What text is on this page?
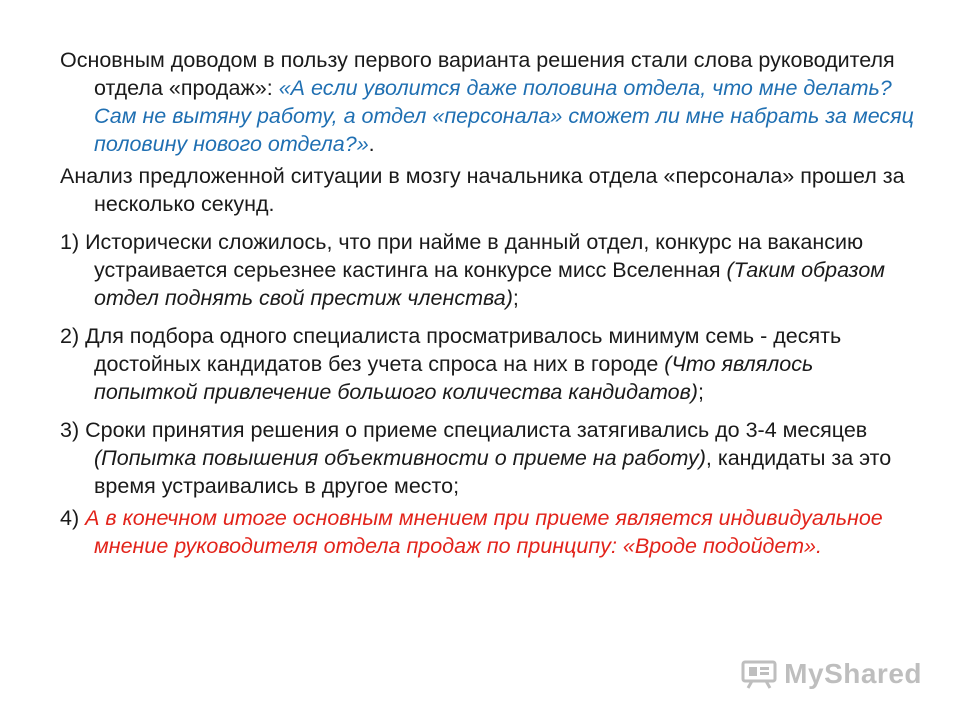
Основным доводом в пользу первого варианта решения стали слова руководителя отдела «продаж»: «А если уволится даже половина отдела, что мне делать? Сам не вытяну работу, а отдел «персонала» сможет ли мне набрать за месяц половину нового отдела?».

Анализ предложенной ситуации в мозгу начальника отдела «персонала» прошел за несколько секунд.

1) Исторически сложилось, что при найме в данный отдел, конкурс на вакансию устраивается серьезнее кастинга на конкурсе мисс Вселенная (Таким образом отдел поднять свой престиж членства);

2) Для подбора одного специалиста просматривалось минимум семь - десять достойных кандидатов без учета спроса на них в городе (Что являлось попыткой привлечение большого количества кандидатов);

3) Сроки принятия решения о приеме специалиста затягивались до 3-4 месяцев (Попытка повышения объективности о приеме на работу), кандидаты за это время устраивались в другое место;

4) А в конечном итоге основным мнением при приеме является индивидуальное мнение руководителя отдела продаж по принципу: «Вроде подойдет».

MyShared
